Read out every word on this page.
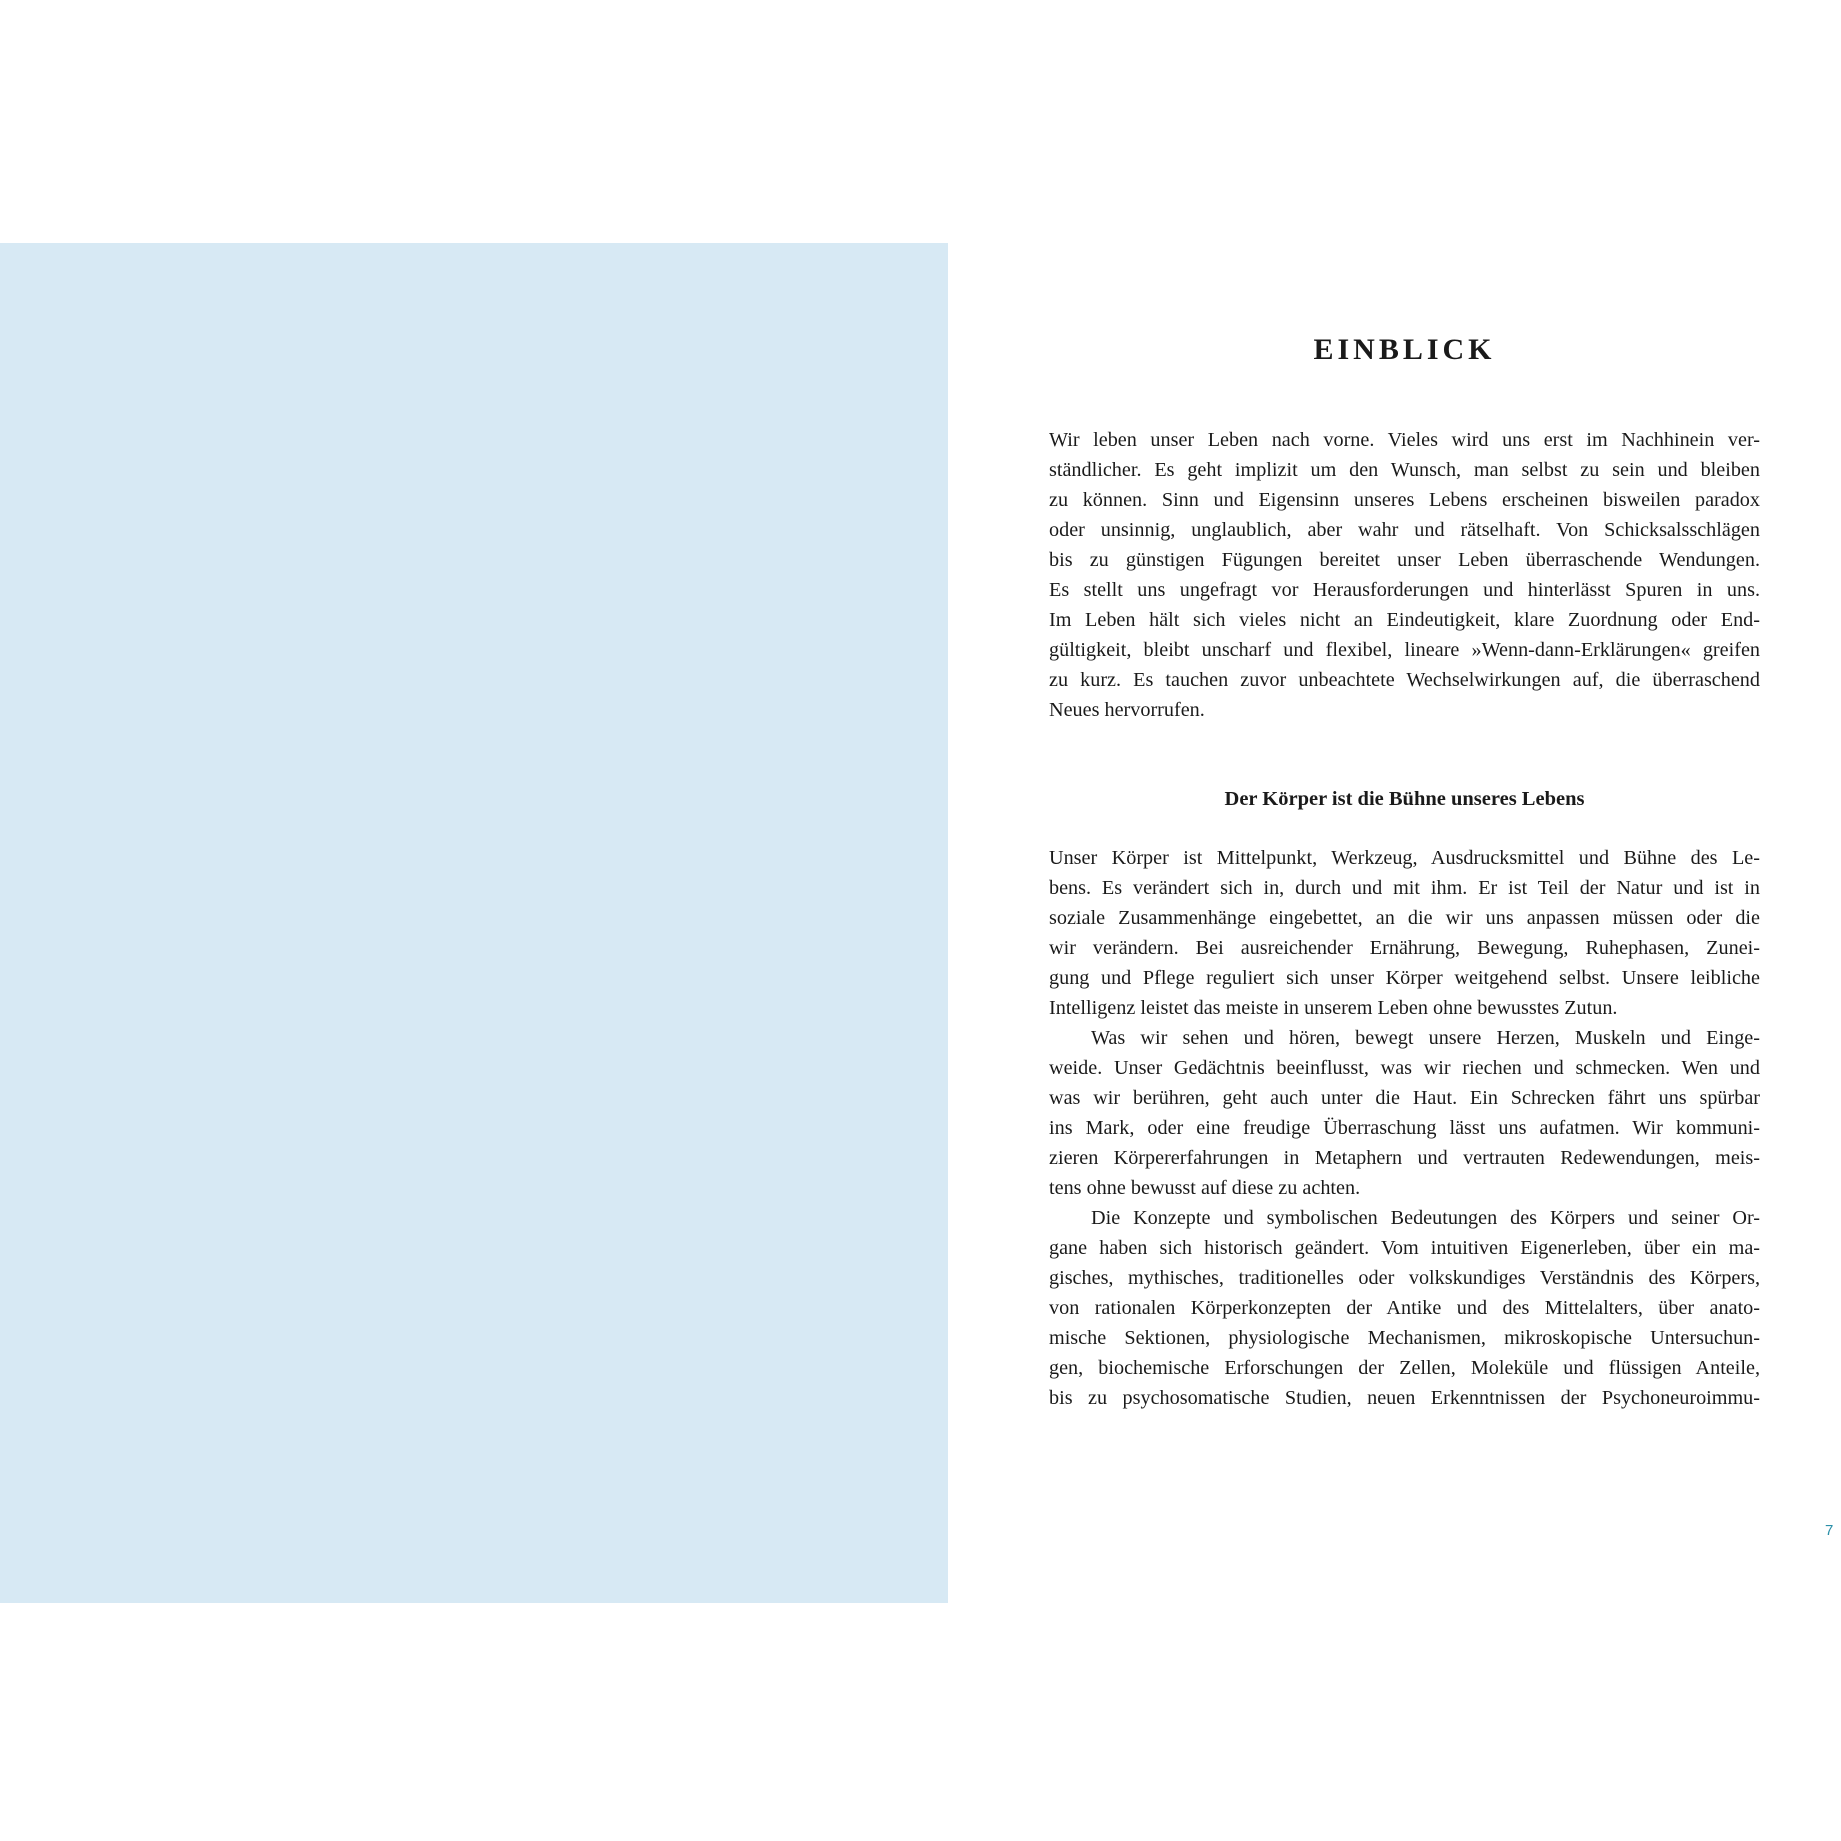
EINBLICK
Wir leben unser Leben nach vorne. Vieles wird uns erst im Nachhinein ver-
ständlicher. Es geht implizit um den Wunsch, man selbst zu sein und bleiben
zu können. Sinn und Eigensinn unseres Lebens erscheinen bisweilen paradox
oder unsinnig, unglaublich, aber wahr und rätselhaft. Von Schicksalsschlägen
bis zu günstigen Fügungen bereitet unser Leben überraschende Wendungen.
Es stellt uns ungefragt vor Herausforderungen und hinterlässt Spuren in uns.
Im Leben hält sich vieles nicht an Eindeutigkeit, klare Zuordnung oder End-
gültigkeit, bleibt unscharf und flexibel, lineare »Wenn-dann-Erklärungen« greifen
zu kurz. Es tauchen zuvor unbeachtete Wechselwirkungen auf, die überraschend
Neues hervorrufen.
Der Körper ist die Bühne unseres Lebens
Unser Körper ist Mittelpunkt, Werkzeug, Ausdrucksmittel und Bühne des Le-
bens. Es verändert sich in, durch und mit ihm. Er ist Teil der Natur und ist in
soziale Zusammenhänge eingebettet, an die wir uns anpassen müssen oder die
wir verändern. Bei ausreichender Ernährung, Bewegung, Ruhephasen, Zunei-
gung und Pflege reguliert sich unser Körper weitgehend selbst. Unsere leibliche
Intelligenz leistet das meiste in unserem Leben ohne bewusstes Zutun.
Was wir sehen und hören, bewegt unsere Herzen, Muskeln und Einge-
weide. Unser Gedächtnis beeinflusst, was wir riechen und schmecken. Wen und
was wir berühren, geht auch unter die Haut. Ein Schrecken fährt uns spürbar
ins Mark, oder eine freudige Überraschung lässt uns aufatmen. Wir kommuni-
zieren Körpererfahrungen in Metaphern und vertrauten Redewendungen, meis-
tens ohne bewusst auf diese zu achten.
Die Konzepte und symbolischen Bedeutungen des Körpers und seiner Or-
gane haben sich historisch geändert. Vom intuitiven Eigenerleben, über ein ma-
gisches, mythisches, traditionelles oder volkskundiges Verständnis des Körpers,
von rationalen Körperkonzepten der Antike und des Mittelalters, über anato-
mische Sektionen, physiologische Mechanismen, mikroskopische Untersuchun-
gen, biochemische Erforschungen der Zellen, Moleküle und flüssigen Anteile,
bis zu psychosomatische Studien, neuen Erkenntnissen der Psychoneuroimmu-
7
